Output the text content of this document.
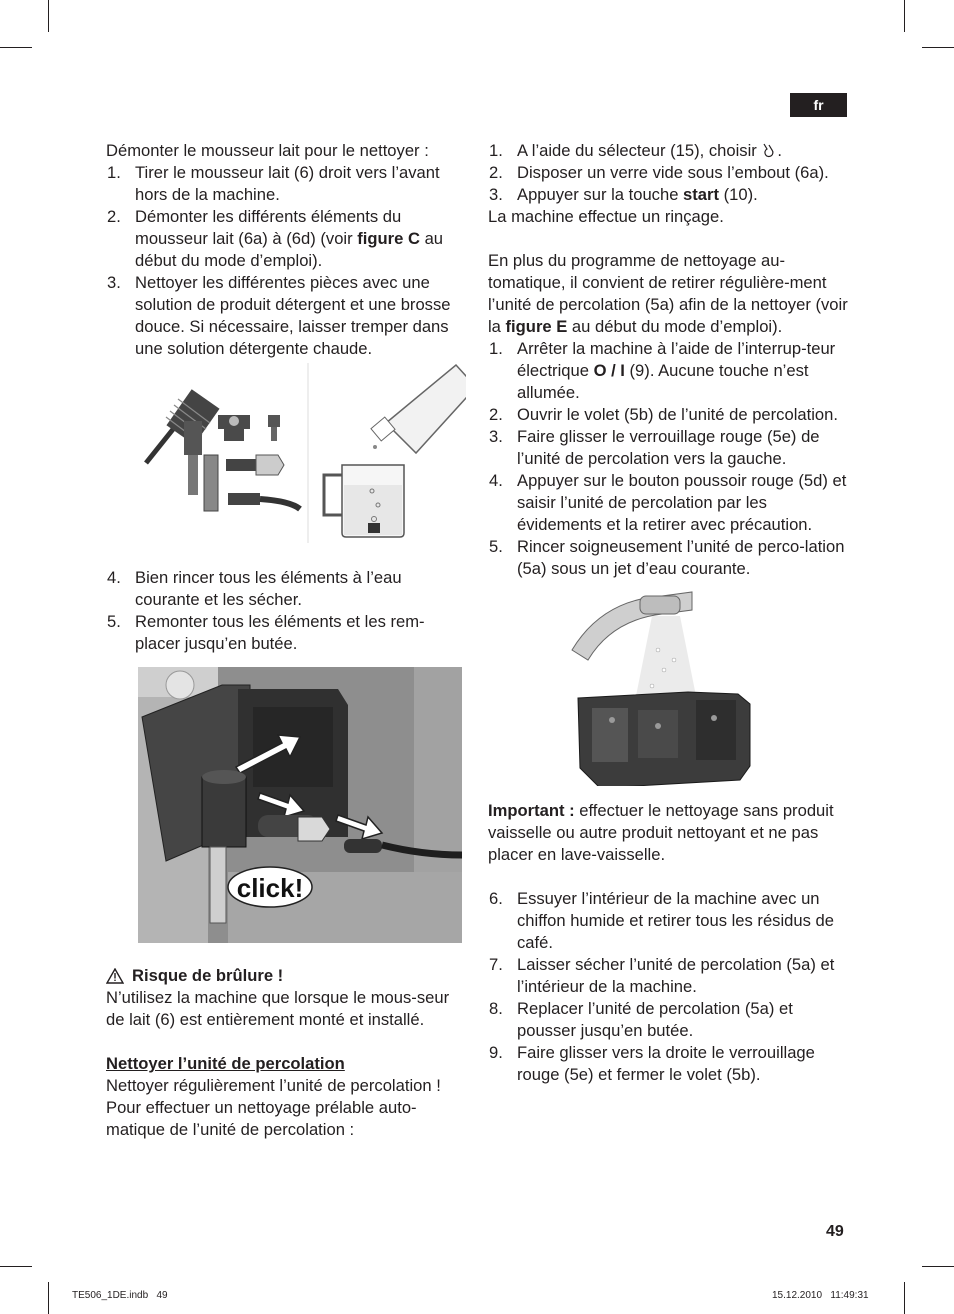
fr

Démonter le mousseur lait pour le nettoyer :

1. Tirer le mousseur lait (6) droit vers l’avant hors de la machine.
2. Démonter les différents éléments du mousseur lait (6a) à (6d) (voir figure C au début du mode d’emploi).
3. Nettoyer les différentes pièces avec une solution de produit détergent et une brosse douce. Si nécessaire, laisser tremper dans une solution détergente chaude.
4. Bien rincer tous les éléments à l’eau courante et les sécher.
5. Remonter tous les éléments et les rem-placer jusqu’en butée.
click!

Risque de brûlure !

N’utilisez la machine que lorsque le mous-seur de lait (6) est entièrement monté et installé.

Nettoyer l’unité de percolation

Nettoyer régulièrement l’unité de percolation !

Pour effectuer un nettoyage prélable auto-matique de l’unité de percolation :

1. A l’aide du sélecteur (15), choisir .
2. Disposer un verre vide sous l’embout (6a).
3. Appuyer sur la touche start (10).

La machine effectue un rinçage.

En plus du programme de nettoyage au-tomatique, il convient de retirer régulière-ment l’unité de percolation (5a) afin de la nettoyer (voir la figure E au début du mode d’emploi).

1. Arrêter la machine à l’aide de l’interrup-teur électrique O / I (9). Aucune touche n’est allumée.
2. Ouvrir le volet (5b) de l’unité de percolation.
3. Faire glisser le verrouillage rouge (5e) de l’unité de percolation vers la gauche.
4. Appuyer sur le bouton poussoir rouge (5d) et saisir l’unité de percolation par les évidements et la retirer avec précaution.
5. Rincer soigneusement l’unité de perco-lation (5a) sous un jet d’eau courante.

Important : effectuer le nettoyage sans produit vaisselle ou autre produit nettoyant et ne pas placer en lave-vaisselle.

6. Essuyer l’intérieur de la machine avec un chiffon humide et retirer tous les résidus de café.
7. Laisser sécher l’unité de percolation (5a) et l’intérieur de la machine.
8. Replacer l’unité de percolation (5a) et pousser jusqu’en butée.
9. Faire glisser vers la droite le verrouillage rouge (5e) et fermer le volet (5b).
49
TE506_1DE.indb   49	15.12.2010   11:49:31
